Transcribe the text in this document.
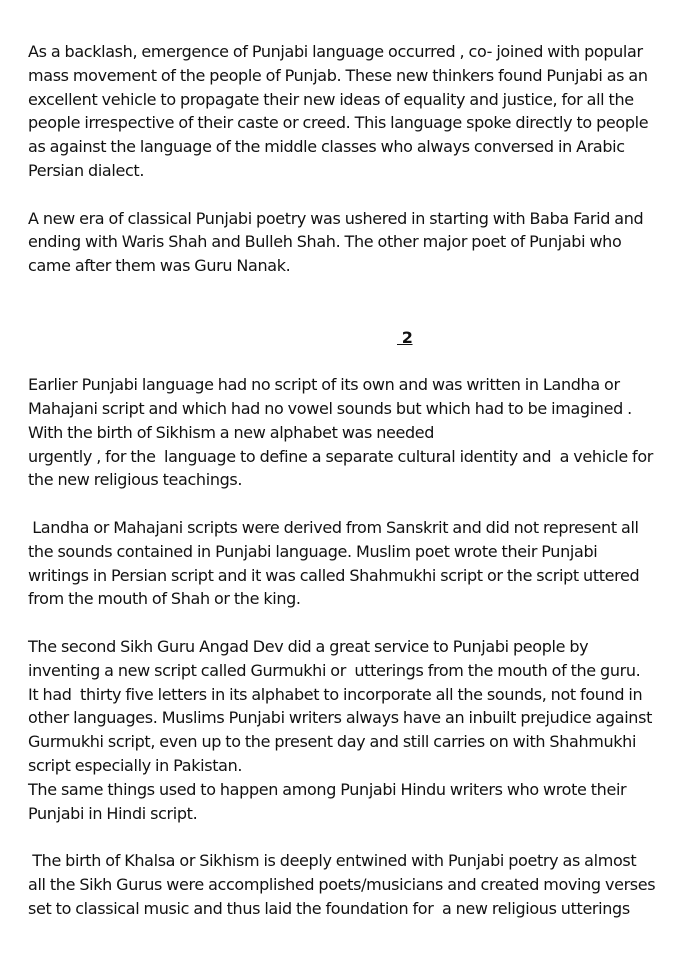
As a backlash, emergence of Punjabi language occurred , co- joined with popular
mass movement of the people of Punjab. These new thinkers found Punjabi as an
excellent vehicle to propagate their new ideas of equality and justice, for all the
people irrespective of their caste or creed. This language spoke directly to people
as against the language of the middle classes who always conversed in Arabic
Persian dialect.
A new era of classical Punjabi poetry was ushered in starting with Baba Farid and
ending with Waris Shah and Bulleh Shah. The other major poet of Punjabi who
came after them was Guru Nanak.
2
Earlier Punjabi language had no script of its own and was written in Landha or
Mahajani script and which had no vowel sounds but which had to be imagined .
With the birth of Sikhism a new alphabet was needed
urgently , for the  language to define a separate cultural identity and  a vehicle for
the new religious teachings.
Landha or Mahajani scripts were derived from Sanskrit and did not represent all
the sounds contained in Punjabi language. Muslim poet wrote their Punjabi
writings in Persian script and it was called Shahmukhi script or the script uttered
from the mouth of Shah or the king.
The second Sikh Guru Angad Dev did a great service to Punjabi people by
inventing a new script called Gurmukhi or  utterings from the mouth of the guru.
It had  thirty five letters in its alphabet to incorporate all the sounds, not found in
other languages. Muslims Punjabi writers always have an inbuilt prejudice against
Gurmukhi script, even up to the present day and still carries on with Shahmukhi
script especially in Pakistan.
The same things used to happen among Punjabi Hindu writers who wrote their
Punjabi in Hindi script.
The birth of Khalsa or Sikhism is deeply entwined with Punjabi poetry as almost
all the Sikh Gurus were accomplished poets/musicians and created moving verses
set to classical music and thus laid the foundation for  a new religious utterings
